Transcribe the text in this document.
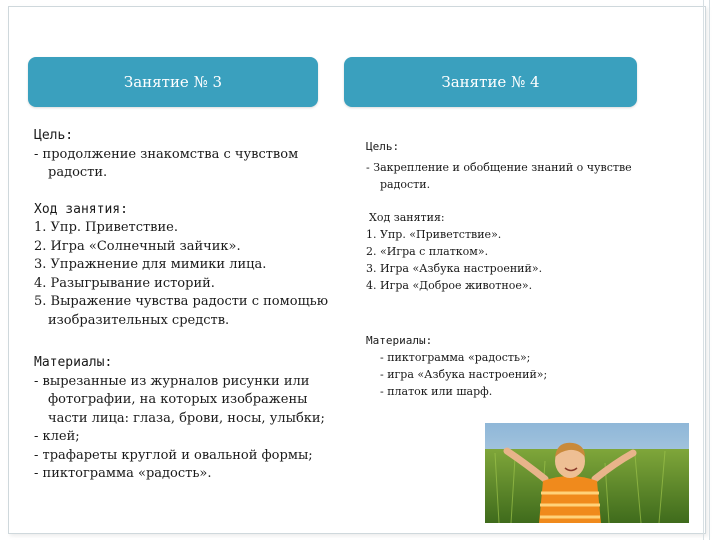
Занятие № 3	Занятие № 4

Цель:

- продолжение знакомства с чувством

радости.

Ход занятия:

1. Упр. Приветствие.

2. Игра «Солнечный зайчик».

3. Упражнение для мимики лица.

4. Разыгрывание историй.

5. Выражение чувства радости с помощью

изобразительных средств.

Материалы:

- вырезанные из журналов рисунки или

фотографии, на которых изображены

части лица: глаза, брови, носы, улыбки;

- клей;

- трафареты круглой и овальной формы;

- пиктограмма «радость».

Цель:

- Закрепление и обобщение знаний о чувстве

радости.

Ход занятия:

1. Упр. «Приветствие».

2. «Игра с платком».

3. Игра «Азбука настроений».

4. Игра «Доброе животное».

Материалы:

- пиктограмма «радость»;

- игра «Азбука настроений»;

- платок или шарф.
